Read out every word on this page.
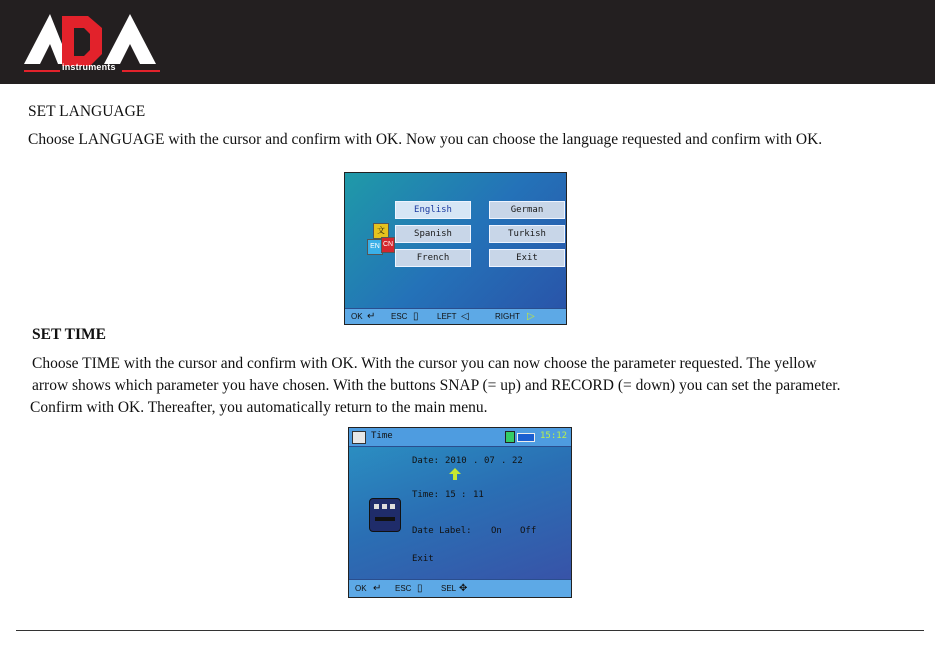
instruments
SET LANGUAGE
Choose LANGUAGE with the cursor and confirm with OK. Now you can choose the language requested and confirm with OK.
文
EN CN
English	German
Spanish	Turkish
French	Exit
OK ↵ ESC ▯ LEFT ◁	RIGHT ▷
SET TIME
Choose TIME with the cursor and confirm with OK. With the cursor you can now choose the parameter requested. The yellow
arrow shows which parameter you have chosen. With the buttons SNAP (= up) and RECORD (= down) you can set the parameter.
Confirm with OK. Thereafter, you automatically return to the main menu.
Time	15:12
Date: 2010 . 07 . 22
Time: 15 : 11
Date Label: On Off
Exit
OK ↵ ESC ▯ SEL ✥
